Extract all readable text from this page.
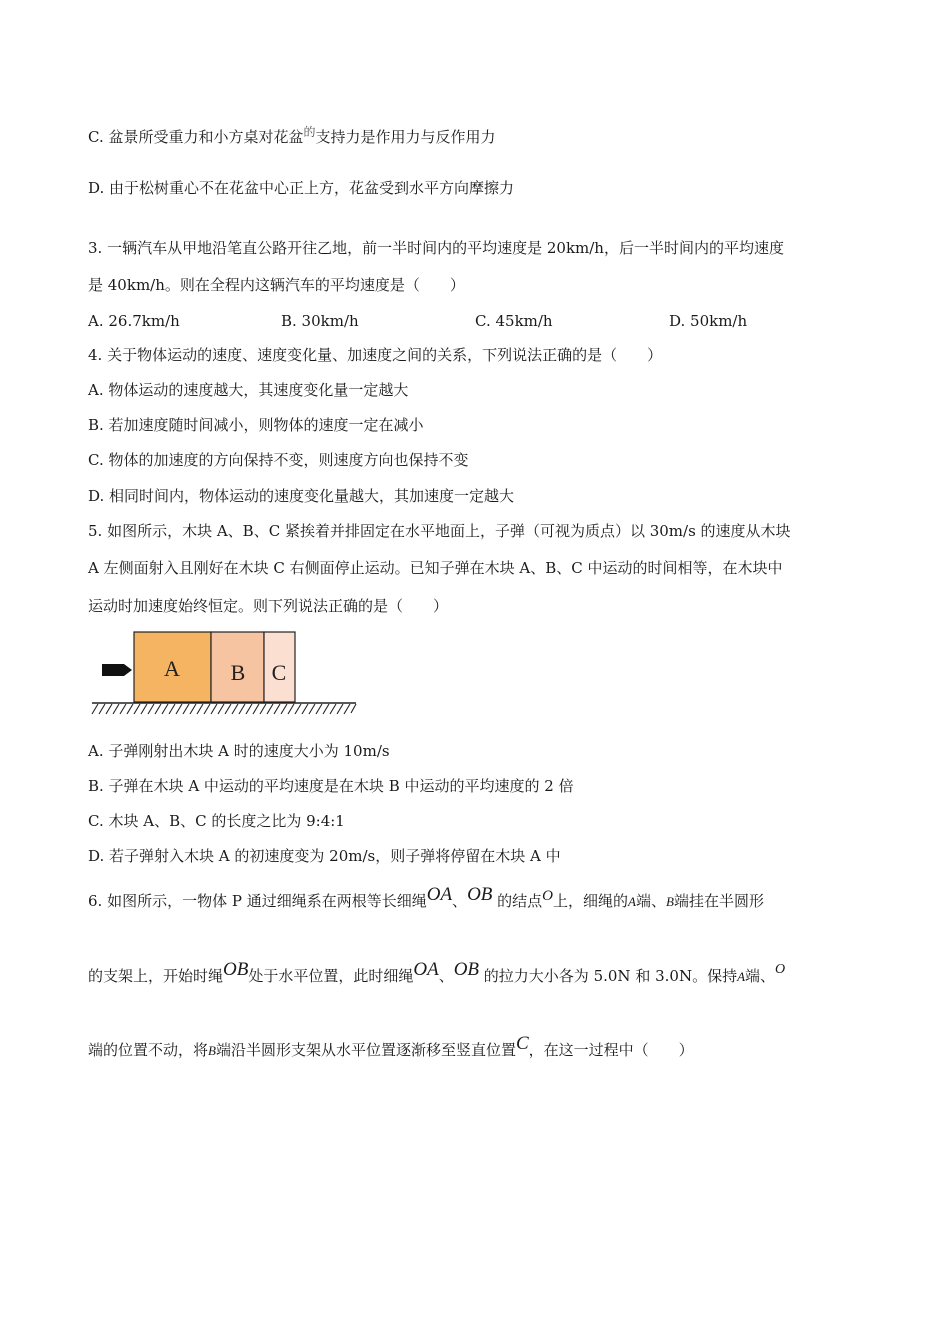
C. 盆景所受重力和小方桌对花盆$^的$支持力是作用力与反作用力
D. 由于松树重心不在花盆中心正上方，花盆受到水平方向摩擦力
3. 一辆汽车从甲地沿笔直公路开往乙地，前一半时间内的平均速度是 20km/h，后一半时间内的平均速度
是 40km/h。则在全程内这辆汽车的平均速度是（　　）
A. 26.7km/h	B. 30km/h	C. 45km/h	D. 50km/h
4. 关于物体运动的速度、速度变化量、加速度之间的关系，下列说法正确的是（　　）
A. 物体运动的速度越大，其速度变化量一定越大
B. 若加速度随时间减小，则物体的速度一定在减小
C. 物体的加速度的方向保持不变，则速度方向也保持不变
D. 相同时间内，物体运动的速度变化量越大，其加速度一定越大
5. 如图所示，木块 A、B、C 紧挨着并排固定在水平地面上，子弹（可视为质点）以 30m/s 的速度从木块
A 左侧面射入且刚好在木块 C 右侧面停止运动。已知子弹在木块 A、B、C 中运动的时间相等，在木块中
运动时加速度始终恒定。则下列说法正确的是（　　）
A B C
A. 子弹刚射出木块 A 时的速度大小为 10m/s
B. 子弹在木块 A 中运动的平均速度是在木块 B 中运动的平均速度的 2 倍
C. 木块 A、B、C 的长度之比为 9:4:1
D. 若子弹射入木块 A 的初速度变为 20m/s，则子弹将停留在木块 A 中
6. 如图所示，一物体 P 通过细绳系在两根等长细绳OA、OB 的结点O上，细绳的A端、B端挂在半圆形
的支架上，开始时绳OB处于水平位置，此时细绳OA、OB 的拉力大小各为 5.0N 和 3.0N。保持A端、O
端的位置不动，将B端沿半圆形支架从水平位置逐渐移至竖直位置C，在这一过程中（　　）
